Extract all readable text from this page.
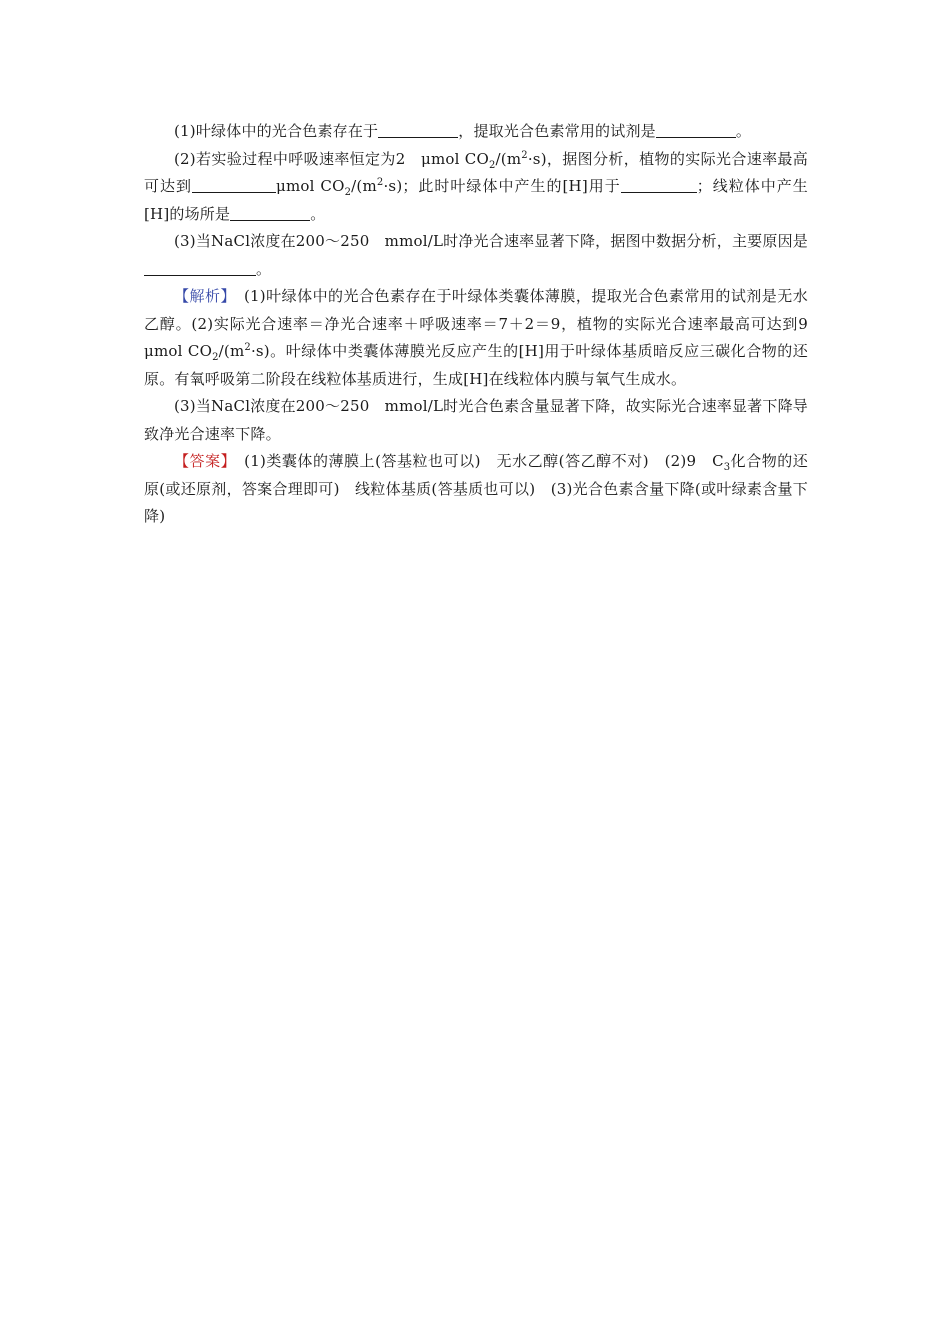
(1)叶绿体中的光合色素存在于	，提取光合色素常用的试剂是	。

(2)若实验过程中呼吸速率恒定为2　μmol $CO_2/(m^2\cdot s)$，据图分析，植物的实际光合速率最高可达到	μmol $CO_2/(m^2\cdot s)$；此时叶绿体中产生的[H]用于	；线粒体中产生[H]的场所是	。

(3)当NaCl浓度在200～250　mmol/L时净光合速率显著下降，据图中数据分析，主要原因是。

【解析】　(1)叶绿体中的光合色素存在于叶绿体类囊体薄膜，提取光合色素常用的试剂是无水乙醇。(2)实际光合速率＝净光合速率＋呼吸速率＝7＋2＝9，植物的实际光合速率最高可达到9　μmol $CO_2/(m^2\cdot s)$。叶绿体中类囊体薄膜光反应产生的[H]用于叶绿体基质暗反应三碳化合物的还原。有氧呼吸第二阶段在线粒体基质进行，生成[H]在线粒体内膜与氧气生成水。

(3)当NaCl浓度在200～250　mmol/L时光合色素含量显著下降，故实际光合速率显著下降导致净光合速率下降。

【答案】　(1)类囊体的薄膜上(答基粒也可以)　无水乙醇(答乙醇不对)　(2)9　$C_3$化合物的还原(或还原剂，答案合理即可)　线粒体基质(答基质也可以)　(3)光合色素含量下降(或叶绿素含量下降)
